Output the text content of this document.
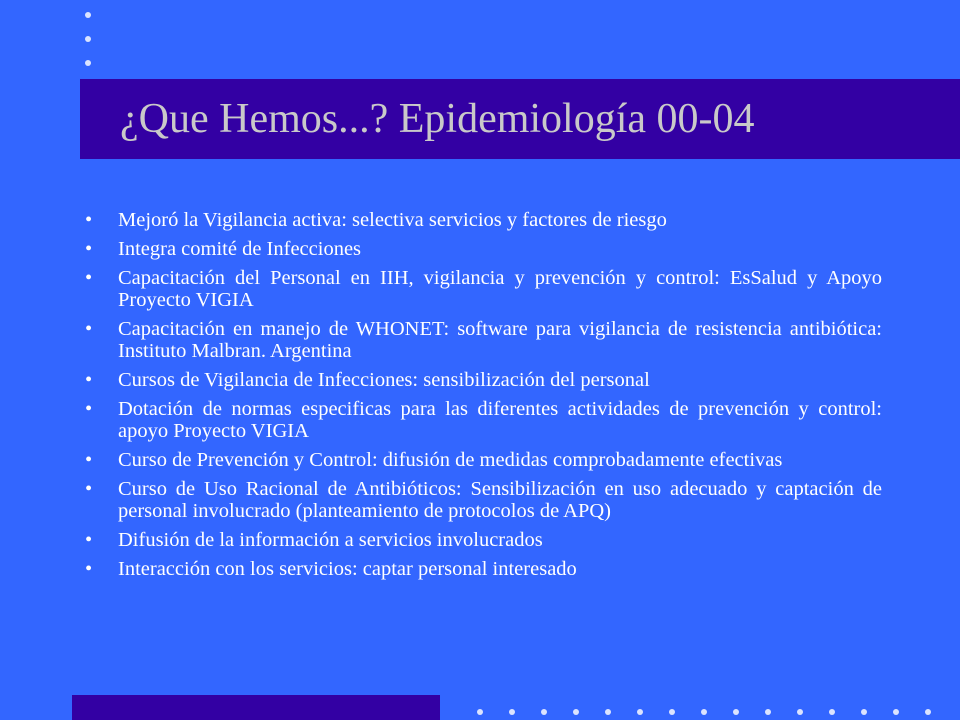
¿Que Hemos...? Epidemiología 00-04
•	Mejoró la Vigilancia activa: selectiva servicios y factores de riesgo
•	Integra comité de Infecciones
•	Capacitación del Personal en IIH, vigilancia y prevención y control: EsSalud y Apoyo Proyecto VIGIA
•	Capacitación en manejo de WHONET: software para vigilancia de resistencia antibiótica: Instituto Malbran. Argentina
•	Cursos de Vigilancia de Infecciones: sensibilización del personal
•	Dotación de normas especificas para las diferentes actividades de prevención y control: apoyo Proyecto VIGIA
•	Curso de Prevención y Control: difusión de medidas comprobadamente efectivas
•	Curso de Uso Racional de Antibióticos: Sensibilización en uso adecuado y captación de personal involucrado (planteamiento de protocolos de APQ)
•	Difusión de la información a servicios involucrados
•	Interacción con los servicios: captar personal interesado
